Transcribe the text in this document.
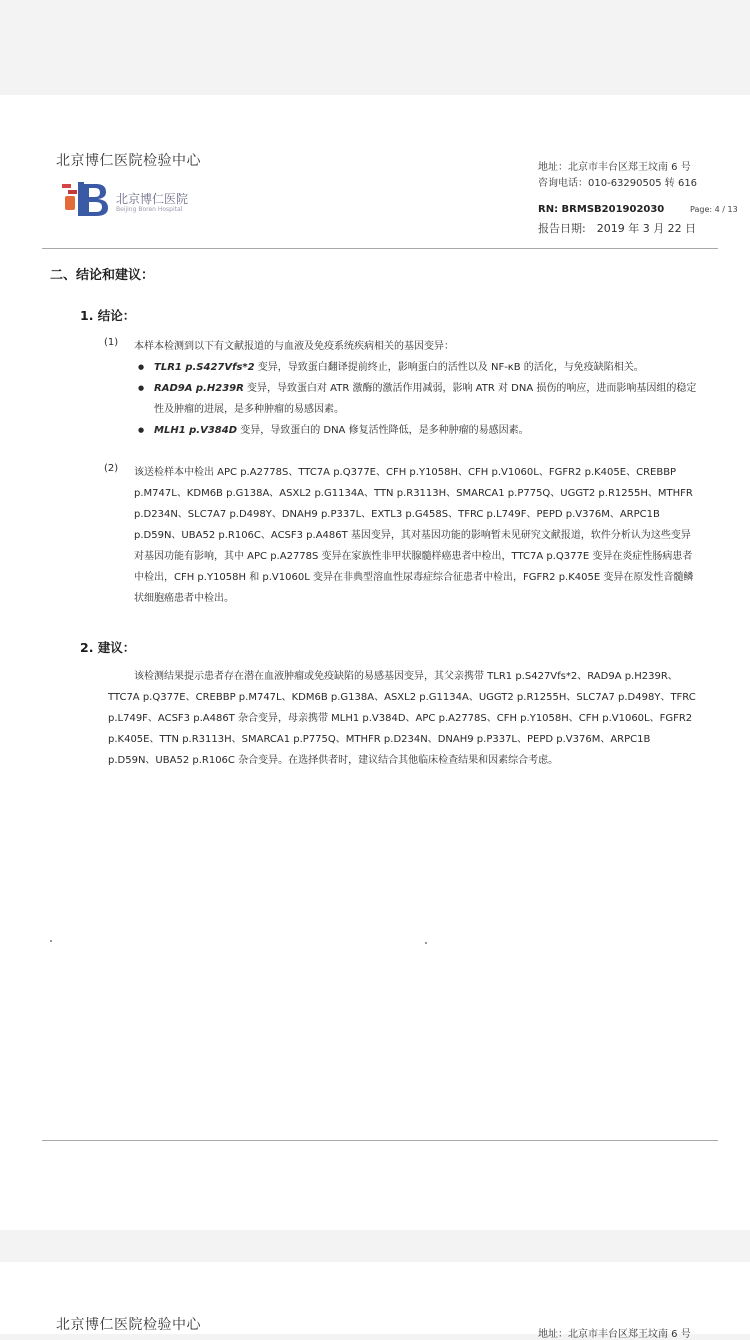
北京博仁医院检验中心
北京博仁医院
Beijing Boren Hospital
地址：北京市丰台区郑王坟南 6 号
咨询电话：010-63290505 转 616
RN: BRMSB201902030	Page: 4 / 13
报告日期:　2019 年 3 月 22 日
二、结论和建议：
1. 结论：
(1) 本样本检测到以下有文献报道的与血液及免疫系统疾病相关的基因变异：
● TLR1 p.S427Vfs*2 变异，导致蛋白翻译提前终止，影响蛋白的活性以及 NF-κB 的活化，与免疫缺陷相关。
● RAD9A p.H239R 变异，导致蛋白对 ATR 激酶的激活作用减弱，影响 ATR 对 DNA 损伤的响应，进而影响基因组的稳定性及肿瘤的进展，是多种肿瘤的易感因素。
● MLH1 p.V384D 变异，导致蛋白的 DNA 修复活性降低，是多种肿瘤的易感因素。
(2) 该送检样本中检出 APC p.A2778S、TTC7A p.Q377E、CFH p.Y1058H、CFH p.V1060L、FGFR2 p.K405E、CREBBP p.M747L、KDM6B p.G138A、ASXL2 p.G1134A、TTN p.R3113H、SMARCA1 p.P775Q、UGGT2 p.R1255H、MTHFR p.D234N、SLC7A7 p.D498Y、DNAH9 p.P337L、EXTL3 p.G458S、TFRC p.L749F、PEPD p.V376M、ARPC1B p.D59N、UBA52 p.R106C、ACSF3 p.A486T 基因变异，其对基因功能的影响暂未见研究文献报道，软件分析认为这些变异对基因功能有影响，其中 APC p.A2778S 变异在家族性非甲状腺髓样癌患者中检出，TTC7A p.Q377E 变异在炎症性肠病患者中检出，CFH p.Y1058H 和 p.V1060L 变异在非典型溶血性尿毒症综合征患者中检出，FGFR2 p.K405E 变异在原发性音髓鳞状细胞癌患者中检出。
2. 建议：
该检测结果提示患者存在潜在血液肿瘤或免疫缺陷的易感基因变异，其父亲携带 TLR1 p.S427Vfs*2、RAD9A p.H239R、TTC7A p.Q377E、CREBBP p.M747L、KDM6B p.G138A、ASXL2 p.G1134A、UGGT2 p.R1255H、SLC7A7 p.D498Y、TFRC p.L749F、ACSF3 p.A486T 杂合变异，母亲携带 MLH1 p.V384D、APC p.A2778S、CFH p.Y1058H、CFH p.V1060L、FGFR2 p.K405E、TTN p.R3113H、SMARCA1 p.P775Q、MTHFR p.D234N、DNAH9 p.P337L、PEPD p.V376M、ARPC1B p.D59N、UBA52 p.R106C 杂合变异。在选择供者时，建议结合其他临床检查结果和因素综合考虑。
北京博仁医院检验中心
地址：北京市丰台区郑王坟南 6 号
